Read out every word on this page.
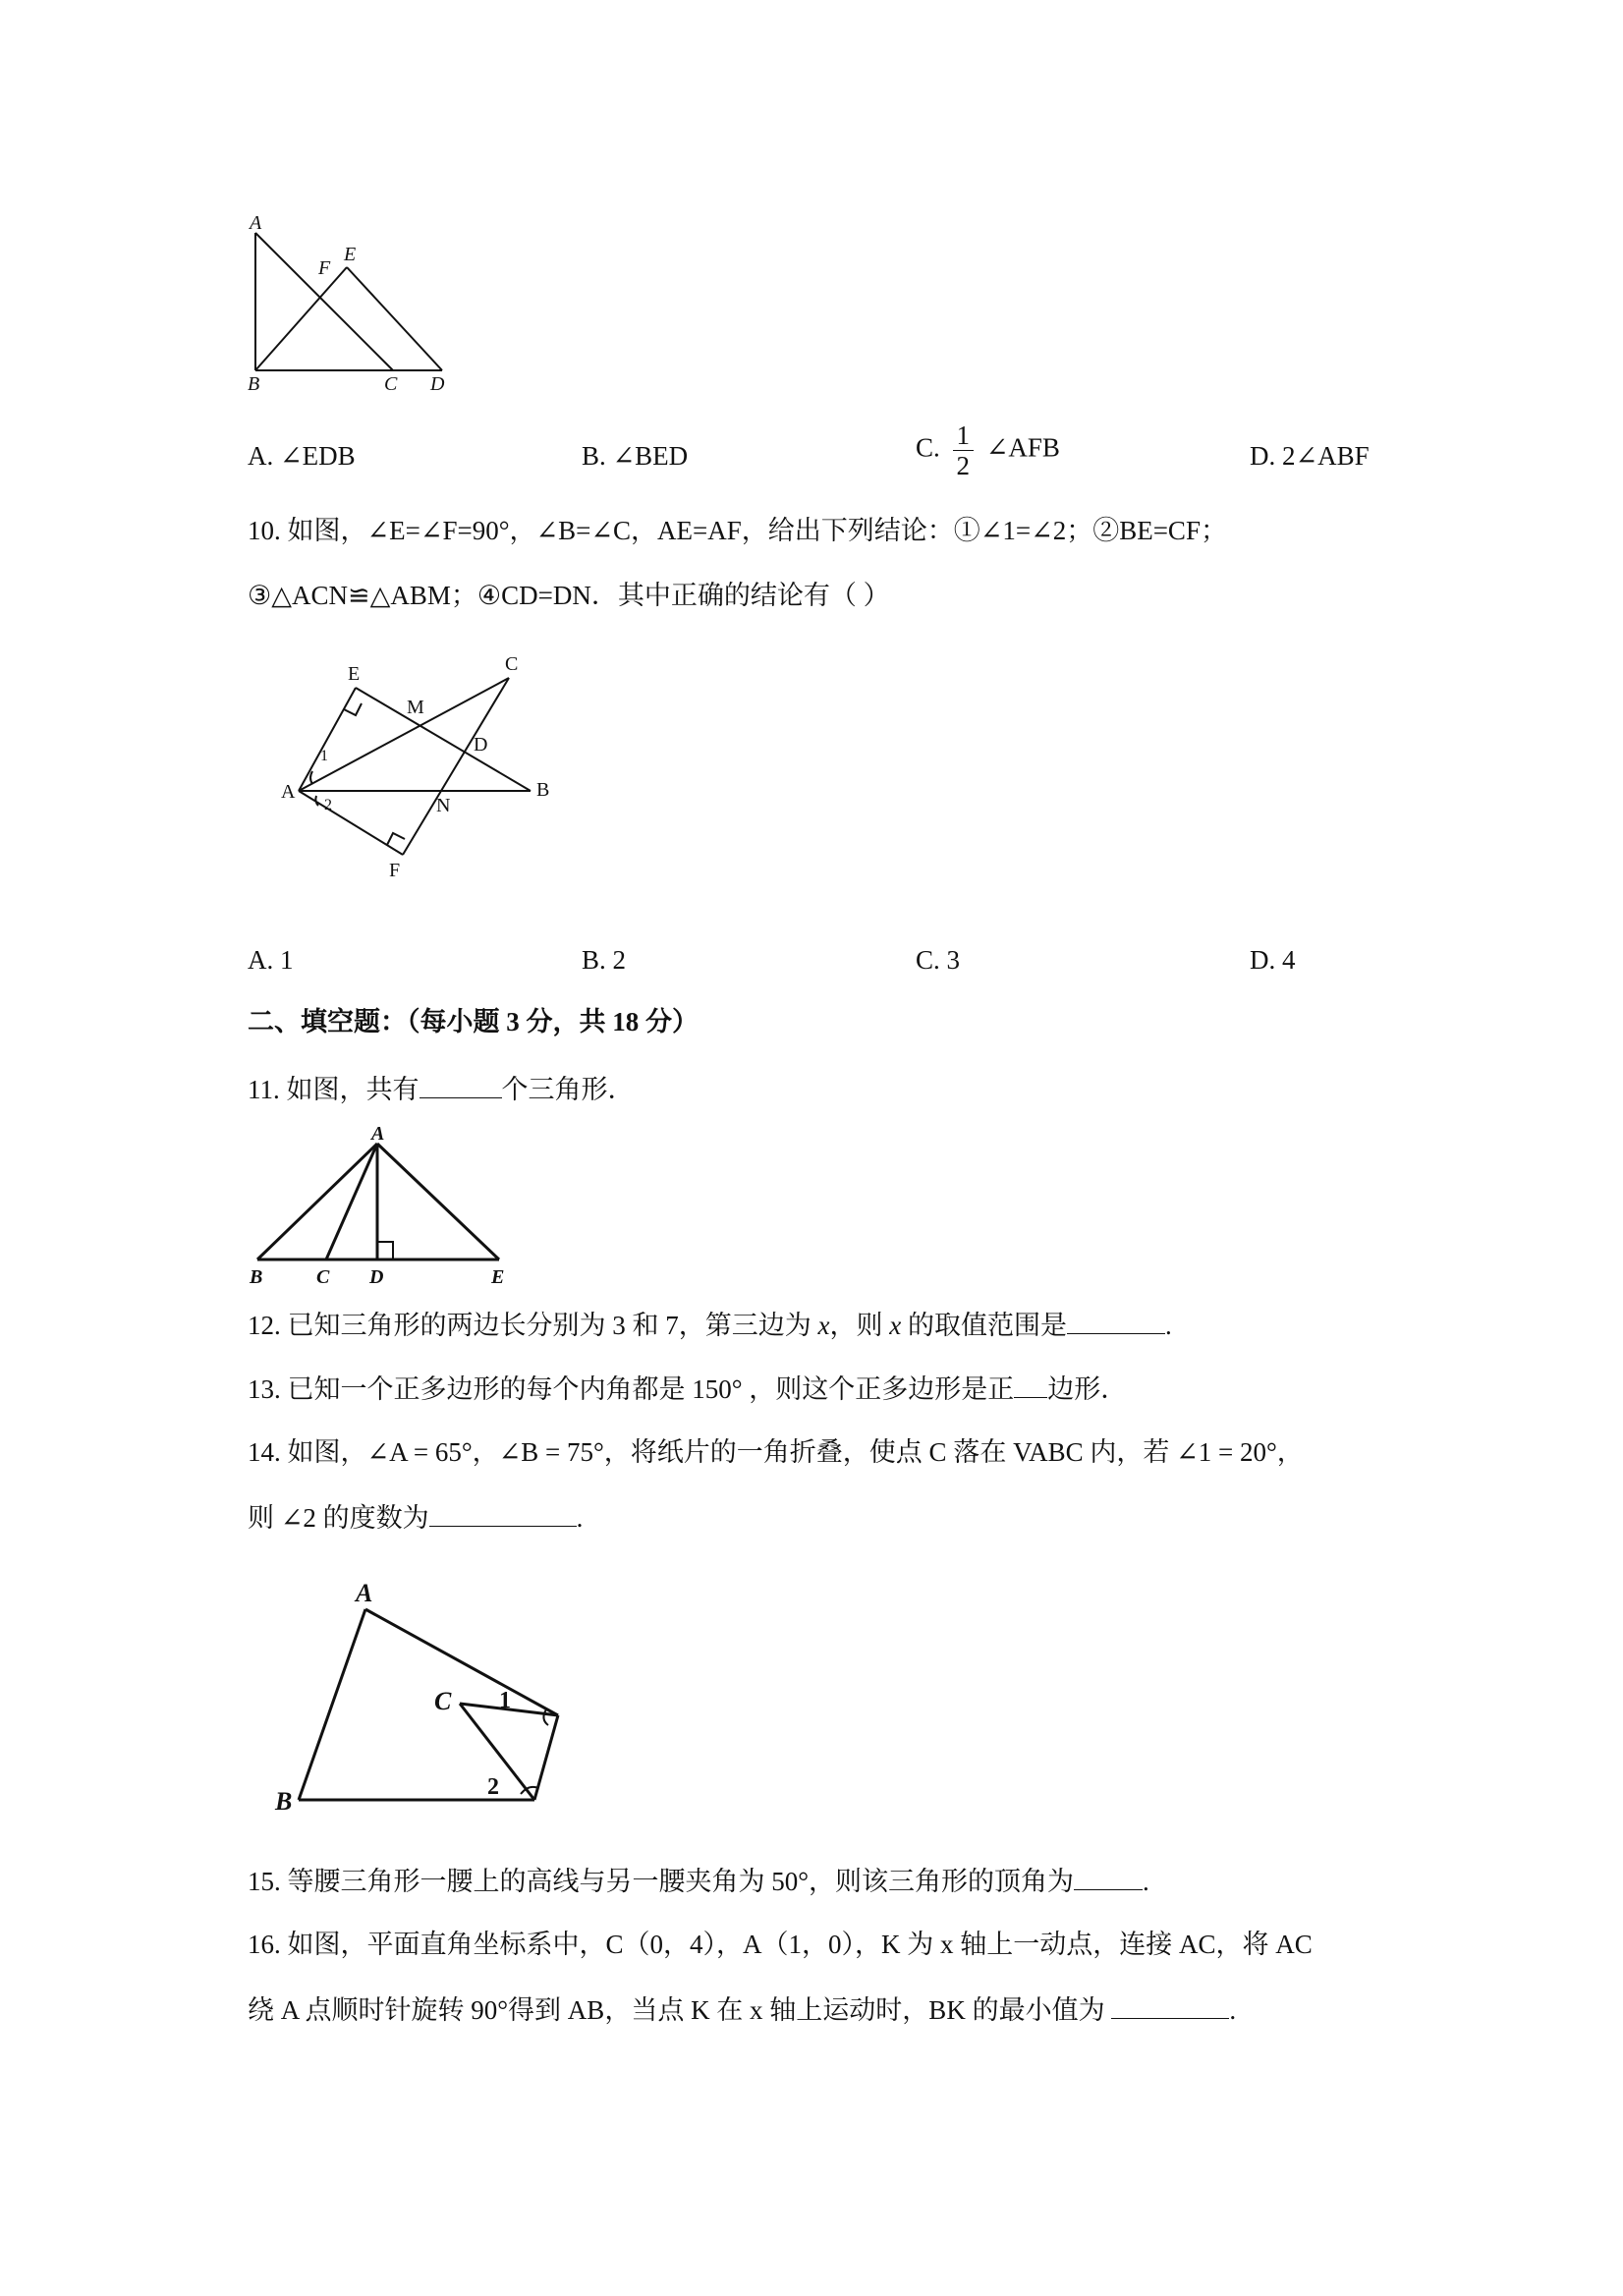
A
E
F
B	C D
A. ∠EDB	B. ∠BED	C. $\frac{1}{2}$ ∠AFB	D. 2∠ABF
10. 如图，∠E=∠F=90°，∠B=∠C，AE=AF，给出下列结论：①∠1=∠2；②BE=CF；
③△ACN≌△ABM；④CD=DN．其中正确的结论有（ ）
E	C
M
D
A	B
N
F
1
2
A. 1	B. 2	C. 3	D. 4
二、填空题：（每小题 3 分，共 18 分）
11. 如图，共有	个三角形．
A
B	C D	E
12. 已知三角形的两边长分别为 3 和 7，第三边为 x，则 x 的取值范围是	.
13. 已知一个正多边形的每个内角都是 150° ，则这个正多边形是正 边形．
14. 如图，∠A = 65°，∠B = 75°，将纸片的一角折叠，使点 C 落在 VABC 内，若 ∠1 = 20°，
则 ∠2 的度数为	.
A
B
C 1
2
15. 等腰三角形一腰上的高线与另一腰夹角为 50°，则该三角形的顶角为	.
16. 如图，平面直角坐标系中，C（0，4），A（1，0），K 为 x 轴上一动点，连接 AC，将 AC
绕 A 点顺时针旋转 90°得到 AB，当点 K 在 x 轴上运动时，BK 的最小值为	.
